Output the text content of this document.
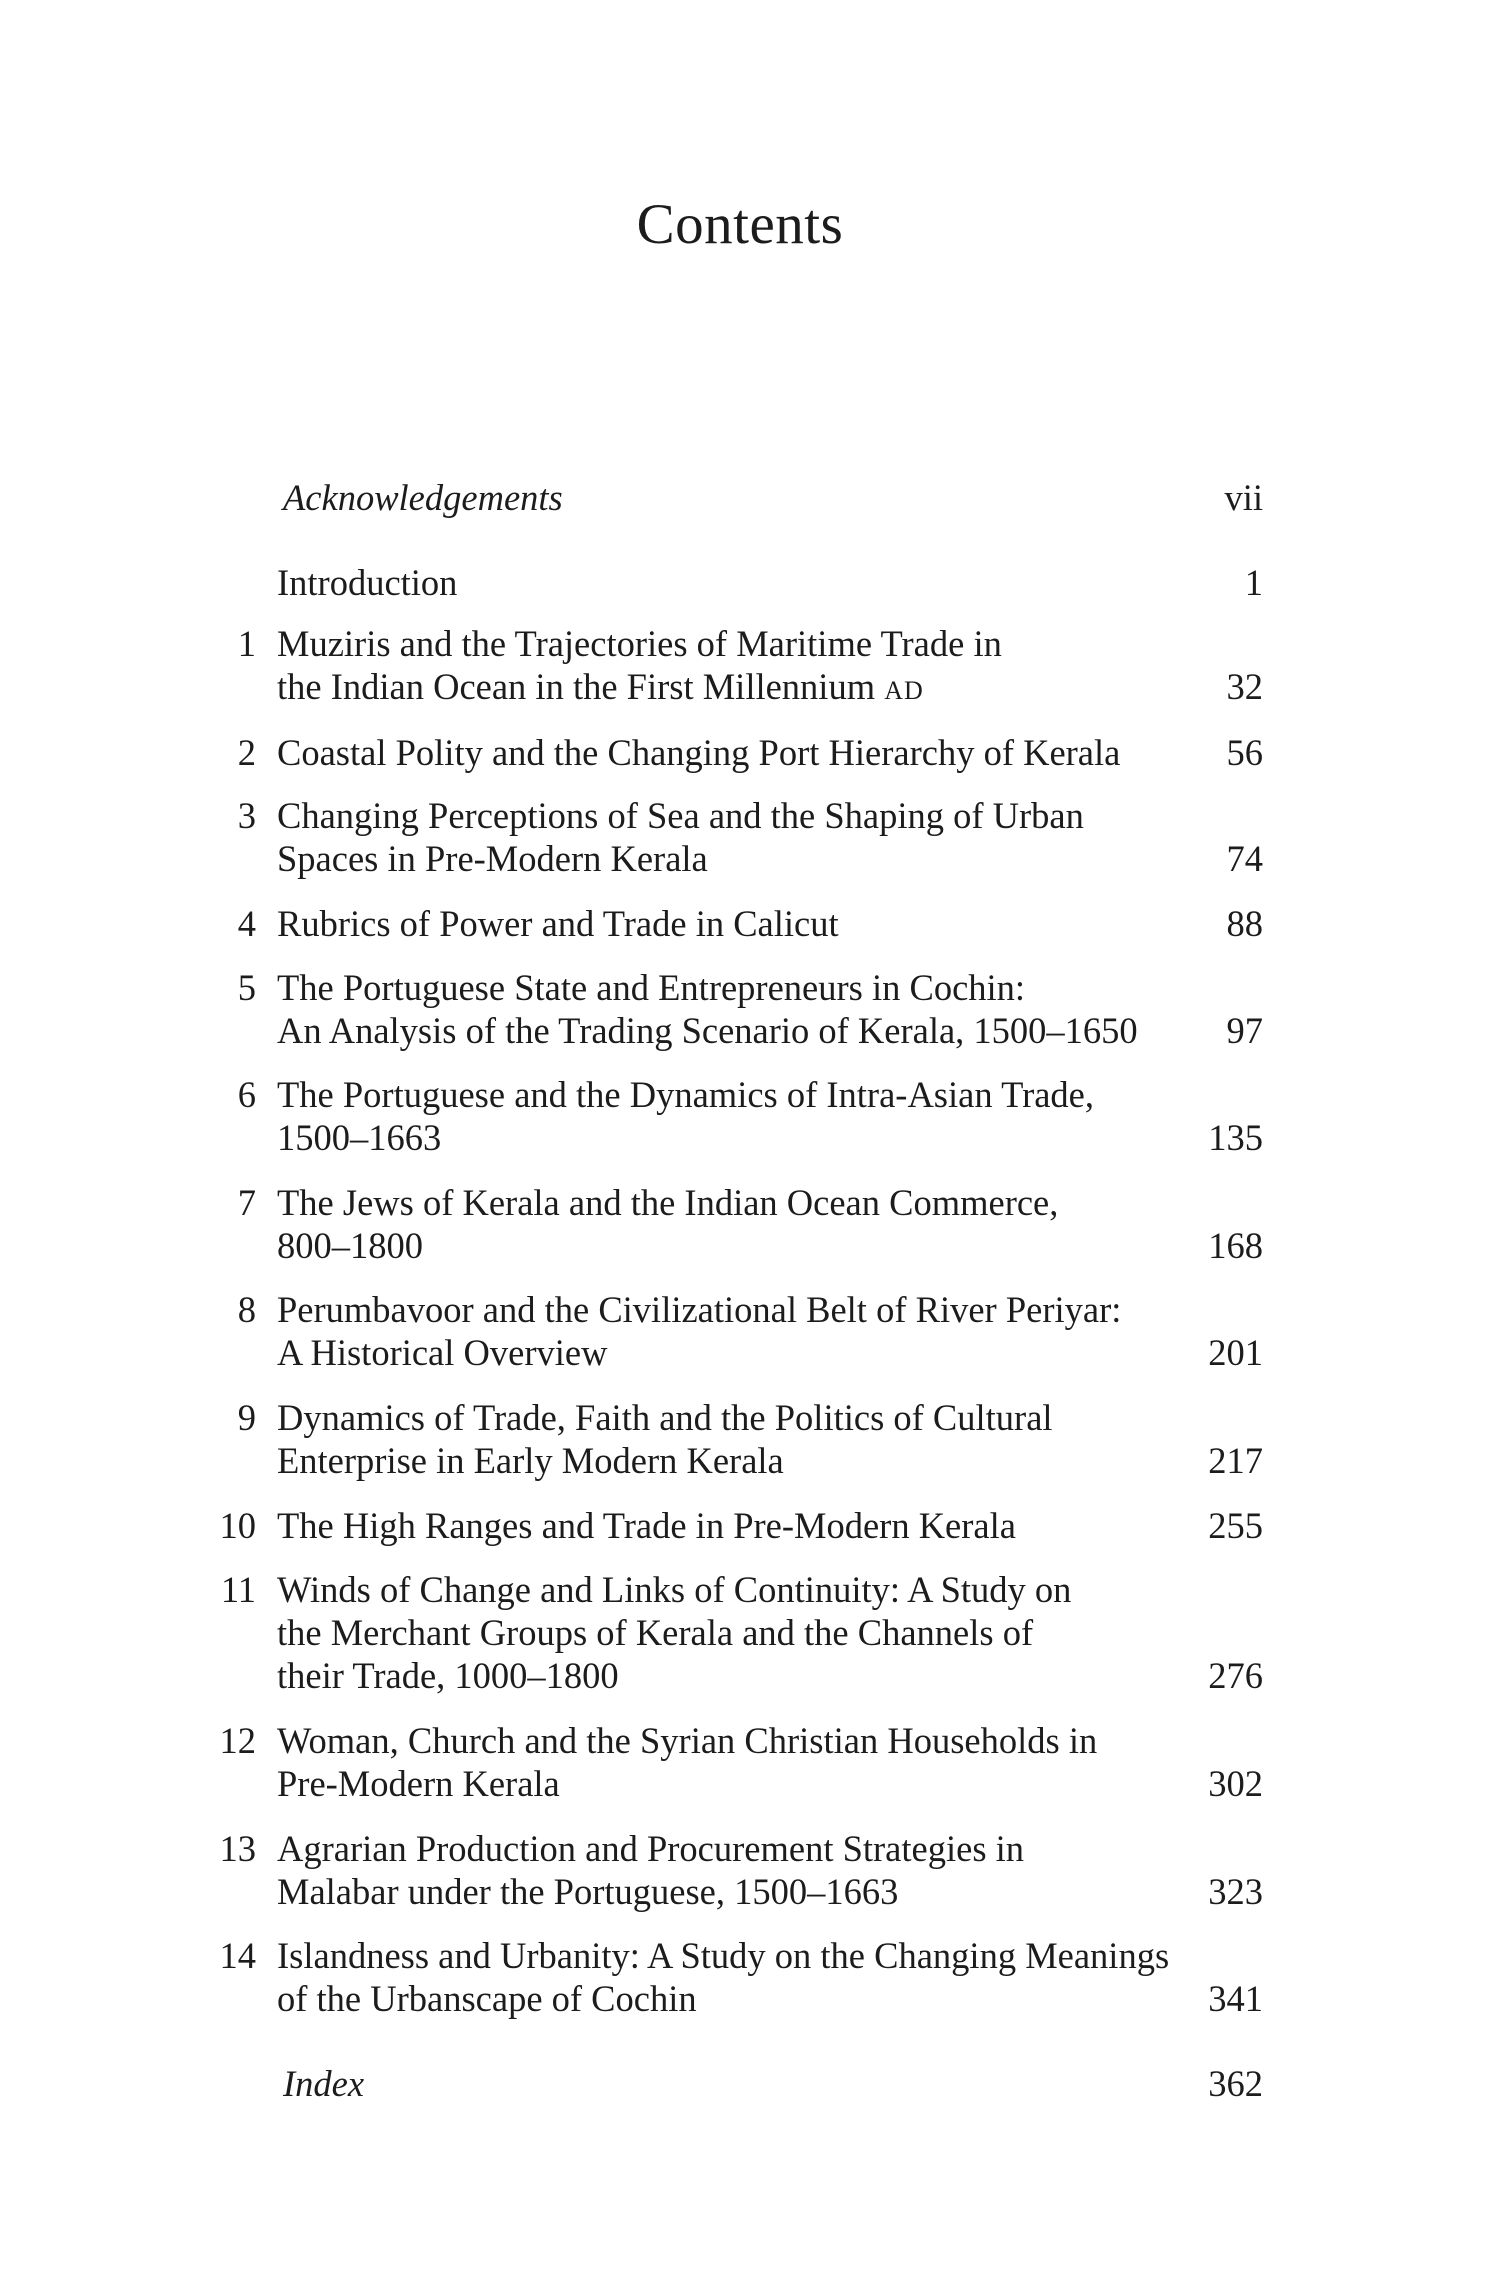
Contents
Acknowledgements	vii
Introduction	1
1 Muziris and the Trajectories of Maritime Trade in
the Indian Ocean in the First Millennium AD	32
2 Coastal Polity and the Changing Port Hierarchy of Kerala	56
3 Changing Perceptions of Sea and the Shaping of Urban
Spaces in Pre-Modern Kerala	74
4 Rubrics of Power and Trade in Calicut	88
5 The Portuguese State and Entrepreneurs in Cochin:
An Analysis of the Trading Scenario of Kerala, 1500–1650	97
6 The Portuguese and the Dynamics of Intra-Asian Trade,
1500–1663	135
7 The Jews of Kerala and the Indian Ocean Commerce,
800–1800	168
8 Perumbavoor and the Civilizational Belt of River Periyar:
A Historical Overview	201
9 Dynamics of Trade, Faith and the Politics of Cultural
Enterprise in Early Modern Kerala	217
10 The High Ranges and Trade in Pre-Modern Kerala	255
11 Winds of Change and Links of Continuity: A Study on
the Merchant Groups of Kerala and the Channels of
their Trade, 1000–1800	276
12 Woman, Church and the Syrian Christian Households in
Pre-Modern Kerala	302
13 Agrarian Production and Procurement Strategies in
Malabar under the Portuguese, 1500–1663	323
14 Islandness and Urbanity: A Study on the Changing Meanings
of the Urbanscape of Cochin	341
Index	362
